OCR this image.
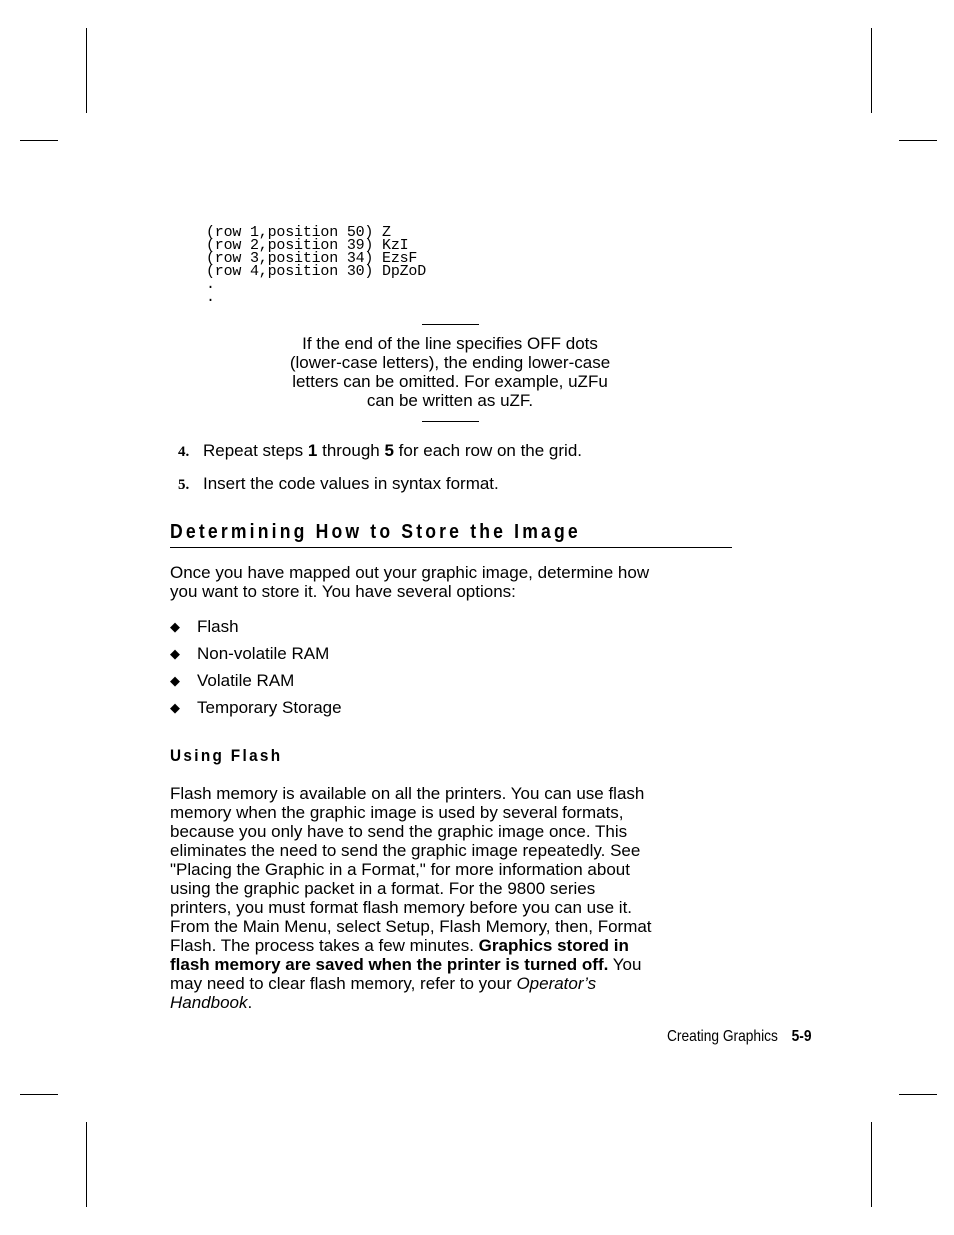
(row 1,position 50) Z
(row 2,position 39) KzI
(row 3,position 34) EzsF
(row 4,position 30) DpZoD
.
.
If the end of the line specifies OFF dots
(lower-case letters), the ending lower-case
letters can be omitted. For example, uZFu
can be written as uZF.
4. Repeat steps 1 through 5 for each row on the grid.
5. Insert the code values in syntax format.
Determining How to Store the Image
Once you have mapped out your graphic image, determine how
you want to store it. You have several options:
◆ Flash
◆ Non-volatile RAM
◆ Volatile RAM
◆ Temporary Storage
Using Flash
Flash memory is available on all the printers. You can use flash
memory when the graphic image is used by several formats,
because you only have to send the graphic image once. This
eliminates the need to send the graphic image repeatedly. See
"Placing the Graphic in a Format," for more information about
using the graphic packet in a format. For the 9800 series
printers, you must format flash memory before you can use it.
From the Main Menu, select Setup, Flash Memory, then, Format
Flash. The process takes a few minutes. Graphics stored in
flash memory are saved when the printer is turned off. You
may need to clear flash memory, refer to your Operator’s
Handbook.
Creating Graphics 5-9
